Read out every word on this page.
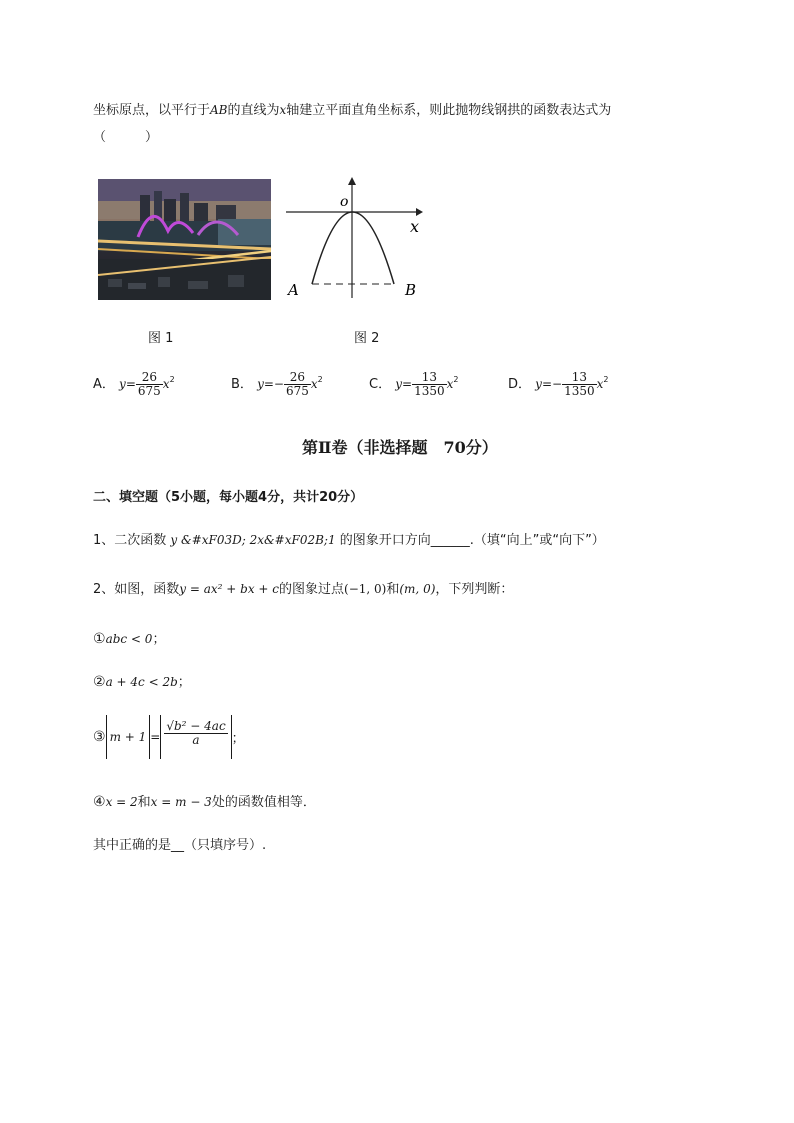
坐标原点，以平行于AB的直线为x轴建立平面直角坐标系，则此抛物线钢拱的函数表达式为
（　　　）
图 1
o
x
A	B
图 2
A． $y= \frac{26}{675} x^2$	B． $y=- \frac{26}{675} x^2$	C． $y= \frac{13}{1350} x^2$	D． $y=- \frac{13}{1350} x^2$
第Ⅱ卷（非选择题　70分）
二、填空题（5小题，每小题4分，共计20分）
1、二次函数 y &#xF03D; 2x&#xF02B;1 的图象开口方向______.（填“向上”或“向下”）
2、如图，函数y = ax² + bx + c的图象过点(−1, 0)和(m, 0)，下列判断：
①abc < 0；
②a + 4c < 2b；
③ $m + 1 = \frac{\text{√b² − 4ac}}{a}$ ；
④x = 2和x = m − 3处的函数值相等．
其中正确的是__（只填序号）.
